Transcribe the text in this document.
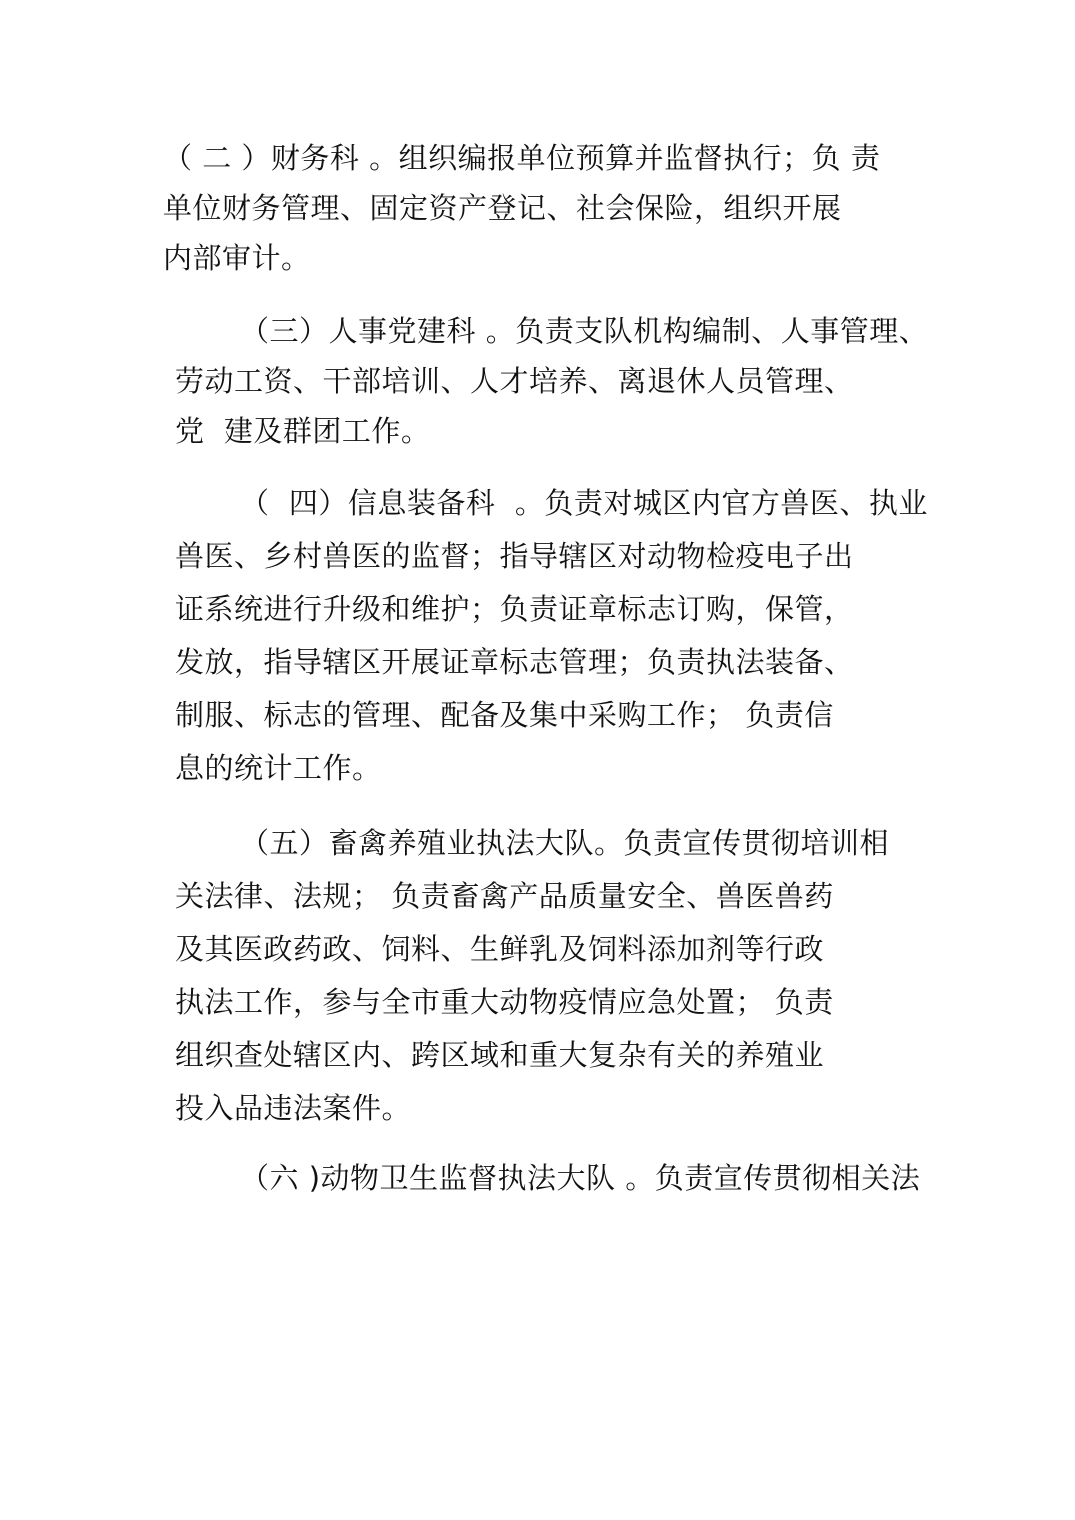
（ 二 ）财务科 。组织编报单位预算并监督执行；负 责
单位财务管理、固定资产登记、社会保险，组织开展
内部审计。
（三）人事党建科 。负责支队机构编制、人事管理、
劳动工资、干部培训、人才培养、离退休人员管理、
党  建及群团工作。
（  四）信息装备科  。负责对城区内官方兽医、执业
兽医、乡村兽医的监督；指导辖区对动物检疫电子出
证系统进行升级和维护；负责证章标志订购，保管，
发放，指导辖区开展证章标志管理；负责执法装备、
制服、标志的管理、配备及集中采购工作； 负责信
息的统计工作。
（五）畜禽养殖业执法大队。负责宣传贯彻培训相
关法律、法规； 负责畜禽产品质量安全、兽医兽药
及其医政药政、饲料、生鲜乳及饲料添加剂等行政
执法工作，参与全市重大动物疫情应急处置； 负责
组织查处辖区内、跨区域和重大复杂有关的养殖业
投入品违法案件。
（六 )动物卫生监督执法大队 。负责宣传贯彻相关法
